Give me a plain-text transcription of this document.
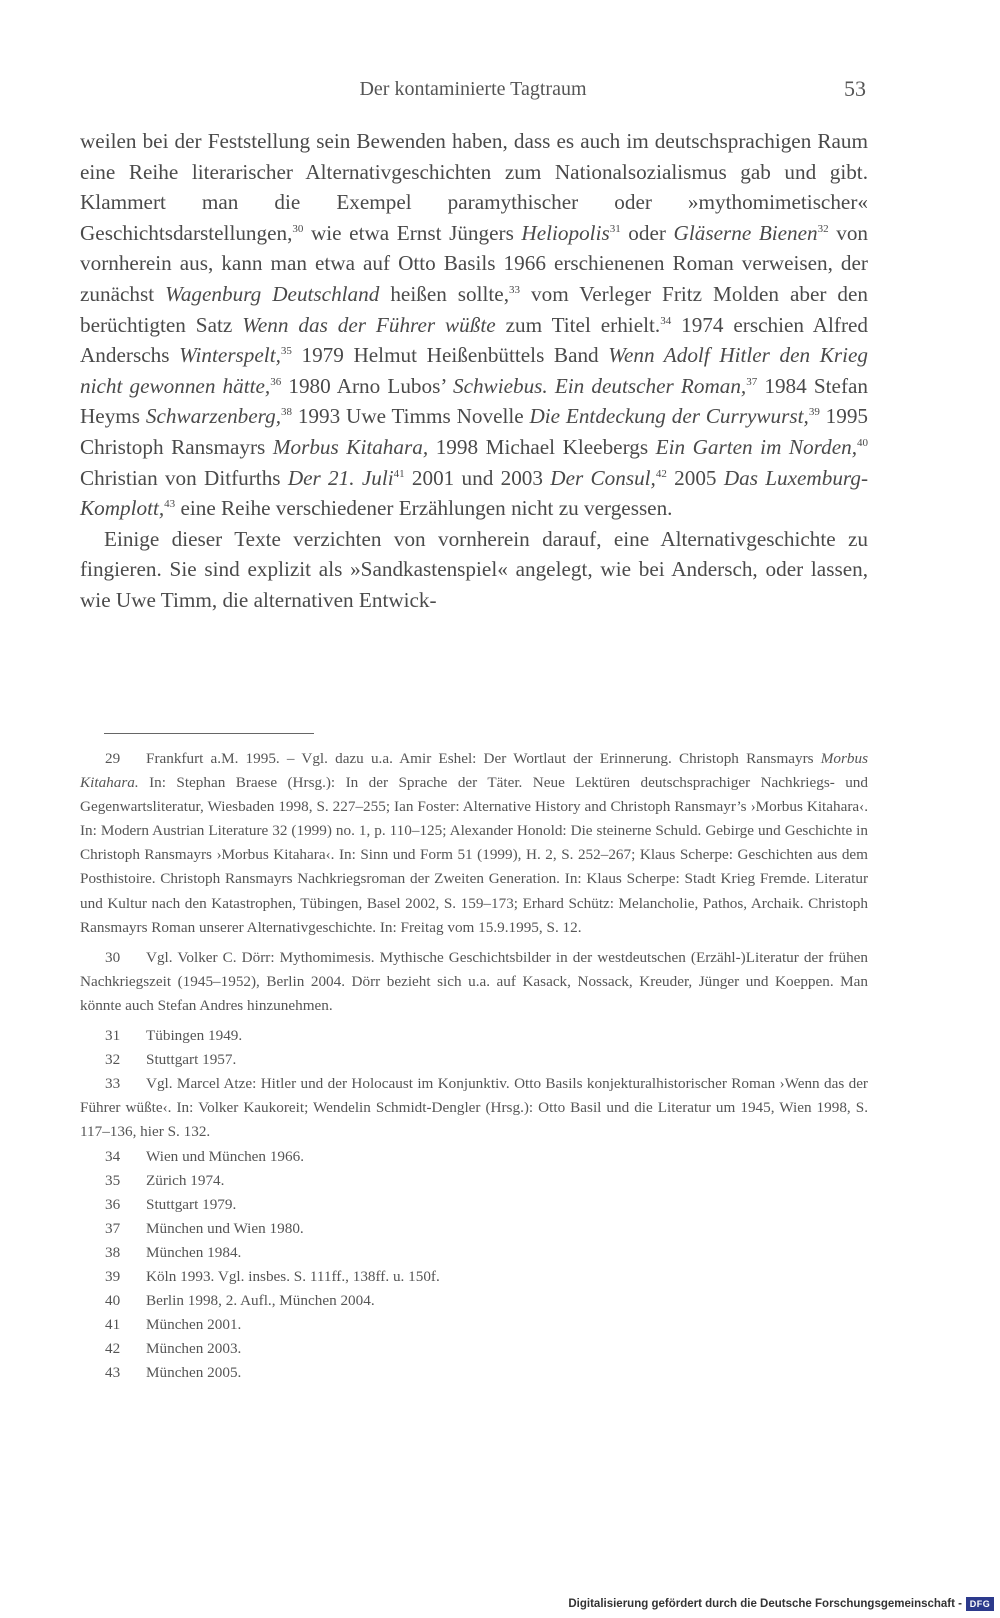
Der kontaminierte Tagtraum	53

weilen bei der Feststellung sein Bewenden haben, dass es auch im deutschsprachigen Raum eine Reihe literarischer Alternativgeschichten zum Nationalsozialismus gab und gibt. Klammert man die Exempel paramythischer oder »mythomimetischer« Geschichtsdarstellungen,$^{30}$ wie etwa Ernst Jüngers Heliopolis$^{31}$ oder Gläserne Bienen$^{32}$ von vornherein aus, kann man etwa auf Otto Basils 1966 erschienenen Roman verweisen, der zunächst Wagenburg Deutschland heißen sollte,$^{33}$ vom Verleger Fritz Molden aber den berüchtigten Satz Wenn das der Führer wüßte zum Titel erhielt.$^{34}$ 1974 erschien Alfred Anderschs Winterspelt,$^{35}$ 1979 Helmut Heißenbüttels Band Wenn Adolf Hitler den Krieg nicht gewonnen hätte,$^{36}$ 1980 Arno Lubos’ Schwiebus. Ein deutscher Roman,$^{37}$ 1984 Stefan Heyms Schwarzenberg,$^{38}$ 1993 Uwe Timms Novelle Die Entdeckung der Currywurst,$^{39}$ 1995 Christoph Ransmayrs Morbus Kitahara, 1998 Michael Kleebergs Ein Garten im Norden,$^{40}$ Christian von Ditfurths Der 21. Juli$^{41}$ 2001 und 2003 Der Consul,$^{42}$ 2005 Das Luxemburg-Komplott,$^{43}$ eine Reihe verschiedener Erzählungen nicht zu vergessen.

Einige dieser Texte verzichten von vornherein darauf, eine Alternativgeschichte zu fingieren. Sie sind explizit als »Sandkastenspiel« angelegt, wie bei Andersch, oder lassen, wie Uwe Timm, die alternativen Entwick-

29 Frankfurt a.M. 1995. – Vgl. dazu u.a. Amir Eshel: Der Wortlaut der Erinnerung. Christoph Ransmayrs Morbus Kitahara. In: Stephan Braese (Hrsg.): In der Sprache der Täter. Neue Lektüren deutschsprachiger Nachkriegs- und Gegenwartsliteratur, Wiesbaden 1998, S. 227–255; Ian Foster: Alternative History and Christoph Ransmayr’s ›Morbus Kitahara‹. In: Modern Austrian Literature 32 (1999) no. 1, p. 110–125; Alexander Honold: Die steinerne Schuld. Gebirge und Geschichte in Christoph Ransmayrs ›Morbus Kitahara‹. In: Sinn und Form 51 (1999), H. 2, S. 252–267; Klaus Scherpe: Geschichten aus dem Posthistoire. Christoph Ransmayrs Nachkriegsroman der Zweiten Generation. In: Klaus Scherpe: Stadt Krieg Fremde. Literatur und Kultur nach den Katastrophen, Tübingen, Basel 2002, S. 159–173; Erhard Schütz: Melancholie, Pathos, Archaik. Christoph Ransmayrs Roman unserer Alternativgeschichte. In: Freitag vom 15.9.1995, S. 12.

30 Vgl. Volker C. Dörr: Mythomimesis. Mythische Geschichtsbilder in der westdeutschen (Erzähl-)Literatur der frühen Nachkriegszeit (1945–1952), Berlin 2004. Dörr bezieht sich u.a. auf Kasack, Nossack, Kreuder, Jünger und Koeppen. Man könnte auch Stefan Andres hinzunehmen.

31 Tübingen 1949.

32 Stuttgart 1957.

33 Vgl. Marcel Atze: Hitler und der Holocaust im Konjunktiv. Otto Basils konjekturalhistorischer Roman ›Wenn das der Führer wüßte‹. In: Volker Kaukoreit; Wendelin Schmidt-Dengler (Hrsg.): Otto Basil und die Literatur um 1945, Wien 1998, S. 117–136, hier S. 132.

34 Wien und München 1966.

35 Zürich 1974.

36 Stuttgart 1979.

37 München und Wien 1980.

38 München 1984.

39 Köln 1993. Vgl. insbes. S. 111ff., 138ff. u. 150f.

40 Berlin 1998, 2. Aufl., München 2004.

41 München 2001.

42 München 2003.

43 München 2005.

Digitalisierung gefördert durch die Deutsche Forschungsgemeinschaft - DFG
